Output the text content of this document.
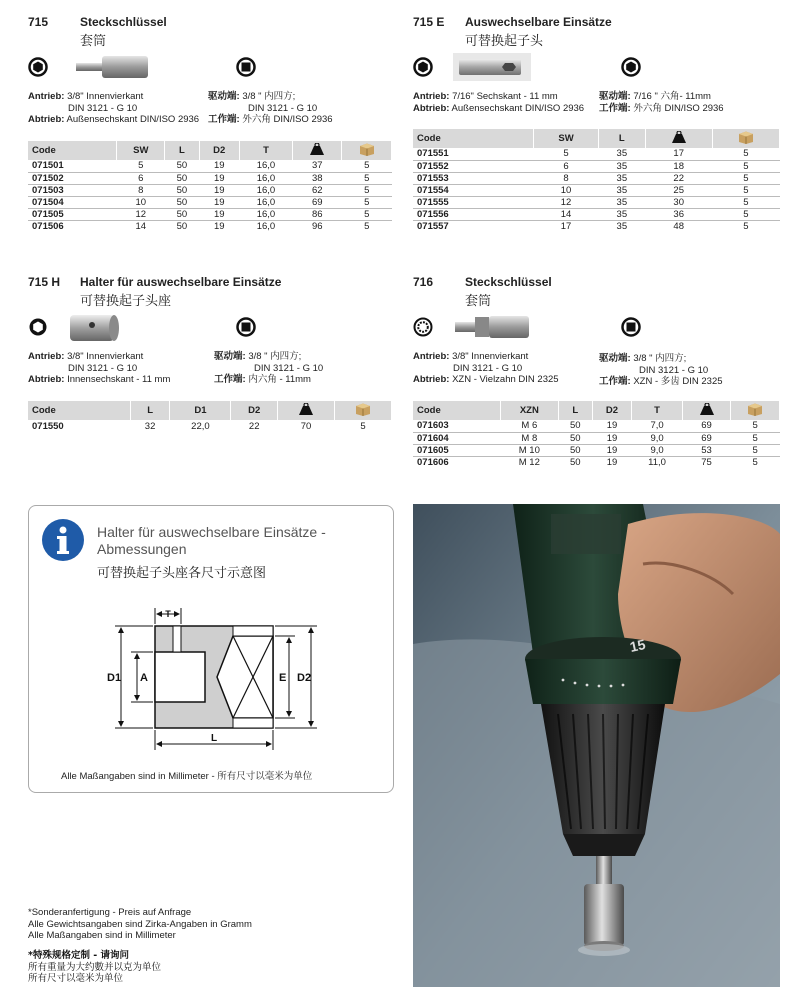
715	Steckschlüssel
套筒
Antrieb: 3/8" Innenvierkant
DIN 3121 - G 10
Abtrieb: Außensechskant DIN/ISO 2936
驱动端: 3/8 " 内四方;
DIN 3121 - G 10
工作端: 外六角 DIN/ISO 2936
Code	SW	L	D2	T		
071501	5	50	19	16,0	37	5
071502	6	50	19	16,0	38	5
071503	8	50	19	16,0	62	5
071504	10	50	19	16,0	69	5
071505	12	50	19	16,0	86	5
071506	14	50	19	16,0	96	5
715 E Auswechselbare Einsätze
可替换起子头
Antrieb: 7/16" Sechskant - 11 mm
Abtrieb: Außensechskant DIN/ISO 2936
驱动端: 7/16 " 六角- 11mm
工作端: 外六角 DIN/ISO 2936
Code	SW	L		
071551	5	35	17	5
071552	6	35	18	5
071553	8	35	22	5
071554	10	35	25	5
071555	12	35	30	5
071556	14	35	36	5
071557	17	35	48	5
715 H Halter für auswechselbare Einsätze
可替换起子头座
Antrieb: 3/8" Innenvierkant
DIN 3121 - G 10
Abtrieb: Innensechskant - 11 mm
驱动端: 3/8 " 内四方;
DIN 3121 - G 10
工作端: 内六角 - 11mm
Code	L	D1	D2		
071550	32	22,0	22	70	5
716	Steckschlüssel
套筒
Antrieb: 3/8" Innenvierkant
DIN 3121 - G 10
Abtrieb: XZN - Vielzahn DIN 2325
驱动端: 3/8 " 内四方;
DIN 3121 - G 10
工作端: XZN - 多齿 DIN 2325
Code	XZN	L	D2	T		
071603	M 6	50	19	7,0	69	5
071604	M 8	50	19	9,0	69	5
071605	M 10	50	19	9,0	53	5
071606	M 12	50	19	11,0	75	5
Halter für auswechselbare Einsätze - Abmessungen
可替换起子头座各尺寸示意图
T
D1 A	E D2
L
Alle Maßangaben sind in Millimeter - 所有尺寸以毫米为单位
*Sonderanfertigung - Preis auf Anfrage
Alle Gewichtsangaben sind Zirka-Angaben in Gramm
Alle Maßangaben sind in Millimeter
*特殊规格定制 - 请询问
所有重量为大约數并以克为单位
所有尺寸以毫米为单位
15
